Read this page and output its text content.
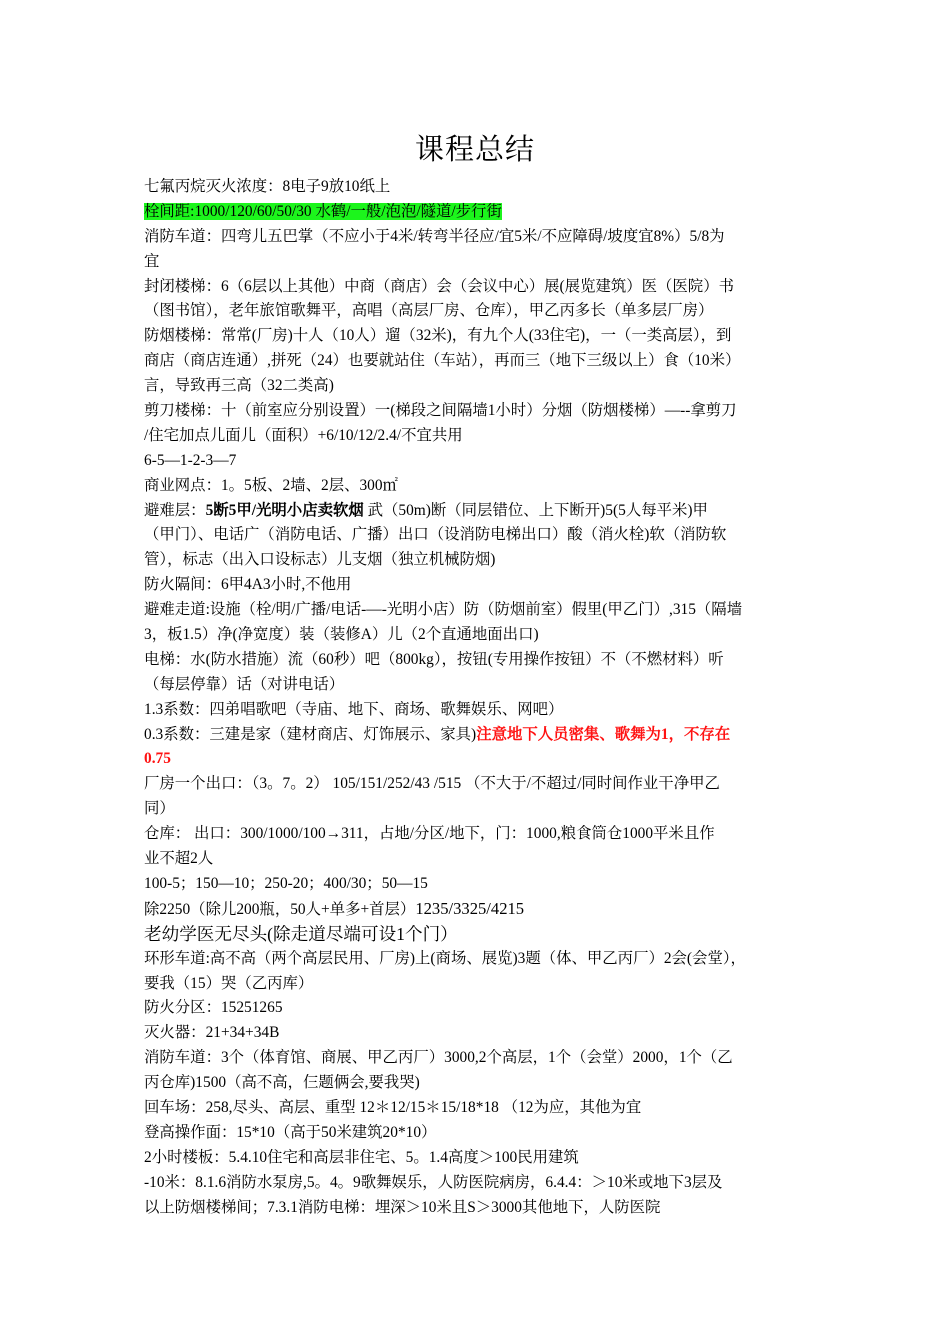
课程总结
七氟丙烷灭火浓度：8电子9放10纸上
栓间距:1000/120/60/50/30 水鹤/一般/泡泡/隧道/步行街
消防车道：四弯儿五巴掌（不应小于4米/转弯半径应/宜5米/不应障碍/坡度宜8%）5/8为
宜
封闭楼梯：6（6层以上其他）中商（商店）会（会议中心）展(展览建筑）医（医院）书
（图书馆），老年旅馆歌舞平，高唱（高层厂房、仓库），甲乙丙多长（单多层厂房）
防烟楼梯：常常(厂房)十人（10人）遛（32米)，有九个人(33住宅)，一（一类高层），到
商店（商店连通）,拼死（24）也要就站住（车站），再而三（地下三级以上）食（10米）
言，导致再三高（32二类高)
剪刀楼梯：十（前室应分别设置）一(梯段之间隔墙1小时）分烟（防烟楼梯）—--拿剪刀
/住宅加点儿面儿（面积）+6/10/12/2.4/不宜共用
6-5—1-2-3—7
商业网点：1。5板、2墙、2层、300㎡
避难层：5断5甲/光明小店卖软烟 武（50m)断（同层错位、上下断开)5(5人每平米)甲
（甲门）、电话广（消防电话、广播）出口（设消防电梯出口）酸（消火栓)软（消防软
管），标志（出入口设标志）儿支烟（独立机械防烟)
防火隔间：6甲4A3小时,不他用
避难走道:设施（栓/明/广播/电话-—-光明小店）防（防烟前室）假里(甲乙门）,315（隔墙
3，板1.5）净(净宽度）装（装修A）儿（2个直通地面出口)
电梯：水(防水措施）流（60秒）吧（800kg），按钮(专用操作按钮）不（不燃材料）听
（每层停靠）话（对讲电话）
1.3系数：四弟唱歌吧（寺庙、地下、商场、歌舞娱乐、网吧）
0.3系数：三建是家（建材商店、灯饰展示、家具)注意地下人员密集、歌舞为1，不存在
0.75
厂房一个出口：（3。7。2） 105/151/252/43 /515 （不大于/不超过/同时间作业干净甲乙
同）
仓库： 出口：300/1000/100→311，占地/分区/地下，门：1000,粮食筒仓1000平米且作
业不超2人
100-5；150—10；250-20；400/30；50—15
除2250（除儿200瓶，50人+单多+首层）1235/3325/4215
老幼学医无尽头(除走道尽端可设1个门）
环形车道:高不高（两个高层民用、厂房)上(商场、展览)3题（体、甲乙丙厂）2会(会堂），
要我（15）哭（乙丙库）
防火分区：15251265
灭火器：21+34+34B
消防车道：3个（体育馆、商展、甲乙丙厂）3000,2个高层，1个（会堂）2000，1个（乙
丙仓库)1500（高不高，仨题俩会,要我哭)
回车场：258,尽头、高层、重型 12＊12/15＊15/18*18 （12为应，其他为宜
登高操作面：15*10（高于50米建筑20*10）
2小时楼板：5.4.10住宅和高层非住宅、5。1.4高度＞100民用建筑
-10米：8.1.6消防水泵房,5。4。9歌舞娱乐，人防医院病房，6.4.4：＞10米或地下3层及
以上防烟楼梯间；7.3.1消防电梯：埋深＞10米且S＞3000其他地下，人防医院
